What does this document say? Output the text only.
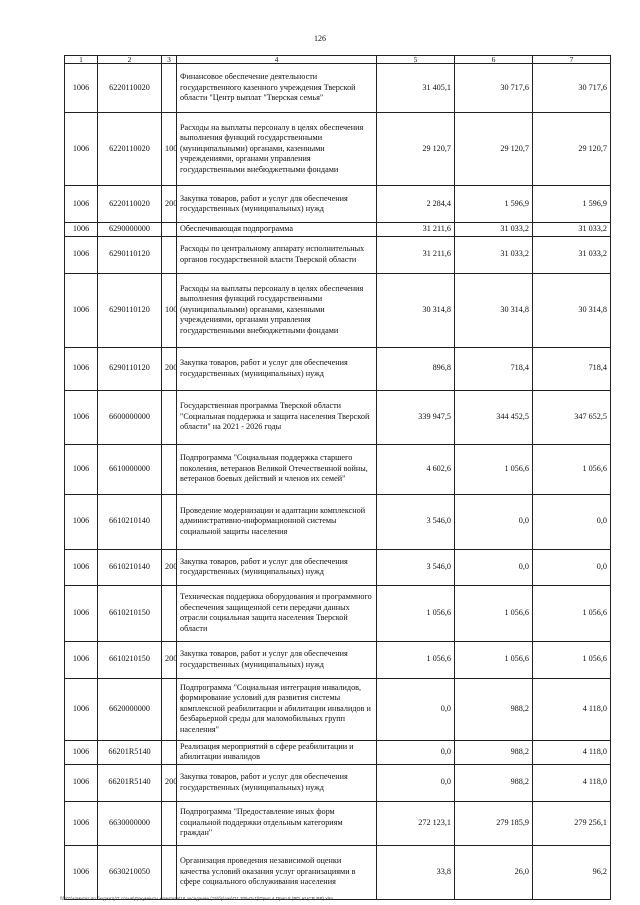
126
1	2	3	4	5	6	7
1006	6220110020		Финансовое обеспечение деятельности государственного казенного учреждения Тверской области "Центр выплат "Тверская семья"	31 405,1	30 717,6	30 717,6
1006	6220110020	100	Расходы на выплаты персоналу в целях обеспечения выполнения функций государственными (муниципальными) органами, казенными учреждениями, органами управления государственными внебюджетными фондами	29 120,7	29 120,7	29 120,7
1006	6220110020	200	Закупка товаров, работ и услуг для обеспечения государственных (муниципальных) нужд	2 284,4	1 596,9	1 596,9
1006	6290000000		Обеспечивающая подпрограмма	31 211,6	31 033,2	31 033,2
1006	6290110120		Расходы по центральному аппарату исполнительных органов государственной власти Тверской области	31 211,6	31 033,2	31 033,2
1006	6290110120	100	Расходы на выплаты персоналу в целях обеспечения выполнения функций государственными (муниципальными) органами, казенными учреждениями, органами управления государственными внебюджетными фондами	30 314,8	30 314,8	30 314,8
1006	6290110120	200	Закупка товаров, работ и услуг для обеспечения государственных (муниципальных) нужд	896,8	718,4	718,4
1006	6600000000		Государственная программа Тверской области "Социальная поддержка и защита населения Тверской области" на 2021 - 2026 годы	339 947,5	344 452,5	347 652,5
1006	6610000000		Подпрограмма "Социальная поддержка старшего поколения, ветеранов Великой Отечественной войны, ветеранов боевых действий и членов их семей"	4 602,6	1 056,6	1 056,6
1006	6610210140		Проведение модернизации и адаптации комплексной административно-информационной системы социальной защиты населения	3 546,0	0,0	0,0
1006	6610210140	200	Закупка товаров, работ и услуг для обеспечения государственных (муниципальных) нужд	3 546,0	0,0	0,0
1006	6610210150		Техническая поддержка оборудования и программного обеспечения защищенной сети передачи данных отрасли социальная защита населения Тверской области	1 056,6	1 056,6	1 056,6
1006	6610210150	200	Закупка товаров, работ и услуг для обеспечения государственных (муниципальных) нужд	1 056,6	1 056,6	1 056,6
1006	6620000000		Подпрограмма "Социальная интеграция инвалидов, формирование условий для развития системы комплексной реабилитации и абилитации инвалидов и безбарьерной среды для маломобильных групп населения"	0,0	988,2	4 118,0
1006	66201R5140		Реализация мероприятий в сфере реабилитации и абилитации инвалидов	0,0	988,2	4 118,0
1006	66201R5140	200	Закупка товаров, работ и услуг для обеспечения государственных (муниципальных) нужд	0,0	988,2	4 118,0
1006	6630000000		Подпрограмма "Предоставление иных форм социальной поддержки отдельным категориям граждан"	272 123,1	279 185,9	279 256,1
1006	6630210050		Организация проведения независимой оценки качества условий оказания услуг организациями в сфере социального обслуживания населения	33,8	26,0	96,2
\\fs01\комитет по бюджету\7 созыв\Документы комитета\16 заседание (15\бр\зак\О1 205-П-7)\Прил 4 Прил 8 (РП, КЦСР, ВР).xlsx
